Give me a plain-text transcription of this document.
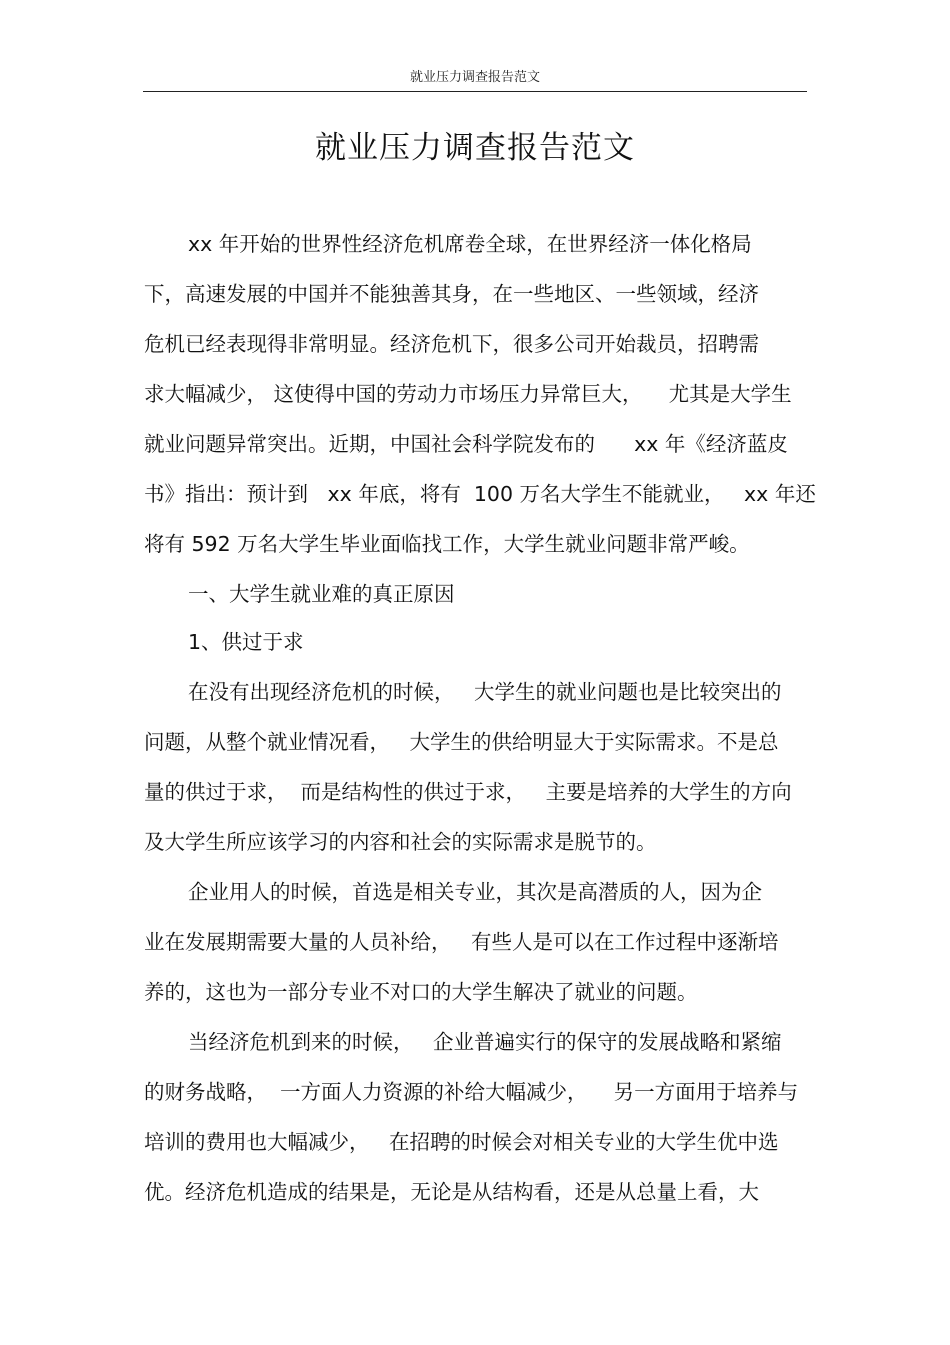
就业压力调查报告范文
就业压力调查报告范文
xx 年开始的世界性经济危机席卷全球，在世界经济一体化格局
下，高速发展的中国并不能独善其身，在一些地区、一些领域，经济
危机已经表现得非常明显。经济危机下，很多公司开始裁员，招聘需
求大幅减少， 这使得中国的劳动力市场压力异常巨大，    尤其是大学生
就业问题异常突出。近期，中国社会科学院发布的      xx 年《经济蓝皮
书》指出：预计到   xx 年底，将有  100 万名大学生不能就业，   xx 年还
将有 592 万名大学生毕业面临找工作，大学生就业问题非常严峻。
一、大学生就业难的真正原因
1、供过于求
在没有出现经济危机的时候，   大学生的就业问题也是比较突出的
问题，从整个就业情况看，   大学生的供给明显大于实际需求。不是总
量的供过于求，  而是结构性的供过于求，   主要是培养的大学生的方向
及大学生所应该学习的内容和社会的实际需求是脱节的。
企业用人的时候，首选是相关专业，其次是高潜质的人，因为企
业在发展期需要大量的人员补给，   有些人是可以在工作过程中逐渐培
养的，这也为一部分专业不对口的大学生解决了就业的问题。
当经济危机到来的时候，   企业普遍实行的保守的发展战略和紧缩
的财务战略，  一方面人力资源的补给大幅减少，    另一方面用于培养与
培训的费用也大幅减少，   在招聘的时候会对相关专业的大学生优中选
优。经济危机造成的结果是，无论是从结构看，还是从总量上看，大
